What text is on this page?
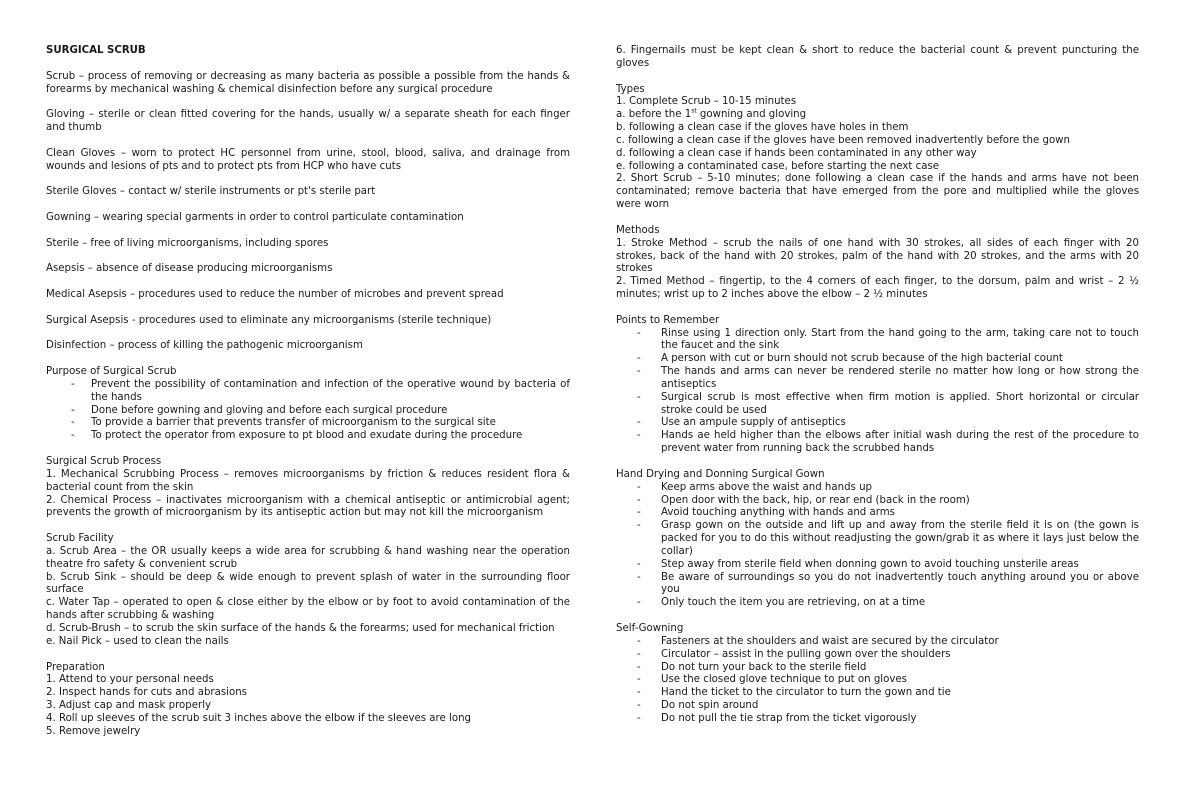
SURGICAL SCRUB

Scrub – process of removing or decreasing as many bacteria as possible a possible from the hands & forearms by mechanical washing & chemical disinfection before any surgical procedure

Gloving – sterile or clean fitted covering for the hands, usually w/ a separate sheath for each finger and thumb

Clean Gloves – worn to protect HC personnel from urine, stool, blood, saliva, and drainage from wounds and lesions of pts and to protect pts from HCP who have cuts

Sterile Gloves – contact w/ sterile instruments or pt's sterile part

Gowning – wearing special garments in order to control particulate contamination

Sterile – free of living microorganisms, including spores

Asepsis – absence of disease producing microorganisms

Medical Asepsis – procedures used to reduce the number of microbes and prevent spread

Surgical Asepsis - procedures used to eliminate any microorganisms (sterile technique)

Disinfection – process of killing the pathogenic microorganism

Purpose of Surgical Scrub

- Prevent the possibility of contamination and infection of the operative wound by bacteria of the hands
- Done before gowning and gloving and before each surgical procedure
- To provide a barrier that prevents transfer of microorganism to the surgical site
- To protect the operator from exposure to pt blood and exudate during the procedure

Surgical Scrub Process

1. Mechanical Scrubbing Process – removes microorganisms by friction & reduces resident flora & bacterial count from the skin

2. Chemical Process – inactivates microorganism with a chemical antiseptic or antimicrobial agent; prevents the growth of microorganism by its antiseptic action but may not kill the microorganism

Scrub Facility

a. Scrub Area – the OR usually keeps a wide area for scrubbing & hand washing near the operation theatre fro safety & convenient scrub

b. Scrub Sink – should be deep & wide enough to prevent splash of water in the surrounding floor surface

c. Water Tap – operated to open & close either by the elbow or by foot to avoid contamination of the hands after scrubbing & washing

d. Scrub-Brush – to scrub the skin surface of the hands & the forearms; used for mechanical friction

e. Nail Pick – used to clean the nails

Preparation

1. Attend to your personal needs

2. Inspect hands for cuts and abrasions

3. Adjust cap and mask properly

4. Roll up sleeves of the scrub suit 3 inches above the elbow if the sleeves are long

5. Remove jewelry

6. Fingernails must be kept clean & short to reduce the bacterial count & prevent puncturing the gloves

Types

1. Complete Scrub – 10-15 minutes

a. before the 1st gowning and gloving

b. following a clean case if the gloves have holes in them

c. following a clean case if the gloves have been removed inadvertently before the gown

d. following a clean case if hands been contaminated in any other way

e. following a contaminated case, before starting the next case

2. Short Scrub – 5-10 minutes; done following a clean case if the hands and arms have not been contaminated; remove bacteria that have emerged from the pore and multiplied while the gloves were worn

Methods

1. Stroke Method – scrub the nails of one hand with 30 strokes, all sides of each finger with 20 strokes, back of the hand with 20 strokes, palm of the hand with 20 strokes, and the arms with 20 strokes

2. Timed Method – fingertip, to the 4 corners of each finger, to the dorsum, palm and wrist – 2 ½ minutes; wrist up to 2 inches above the elbow – 2 ½ minutes

Points to Remember

- Rinse using 1 direction only. Start from the hand going to the arm, taking care not to touch the faucet and the sink
- A person with cut or burn should not scrub because of the high bacterial count
- The hands and arms can never be rendered sterile no matter how long or how strong the antiseptics
- Surgical scrub is most effective when firm motion is applied. Short horizontal or circular stroke could be used
- Use an ampule supply of antiseptics
- Hands ae held higher than the elbows after initial wash during the rest of the procedure to prevent water from running back the scrubbed hands

Hand Drying and Donning Surgical Gown

- Keep arms above the waist and hands up
- Open door with the back, hip, or rear end (back in the room)
- Avoid touching anything with hands and arms
- Grasp gown on the outside and lift up and away from the sterile field it is on (the gown is packed for you to do this without readjusting the gown/grab it as where it lays just below the collar)
- Step away from sterile field when donning gown to avoid touching unsterile areas
- Be aware of surroundings so you do not inadvertently touch anything around you or above you
- Only touch the item you are retrieving, on at a time

Self-Gowning

- Fasteners at the shoulders and waist are secured by the circulator
- Circulator – assist in the pulling gown over the shoulders
- Do not turn your back to the sterile field
- Use the closed glove technique to put on gloves
- Hand the ticket to the circulator to turn the gown and tie
- Do not spin around
- Do not pull the tie strap from the ticket vigorously
